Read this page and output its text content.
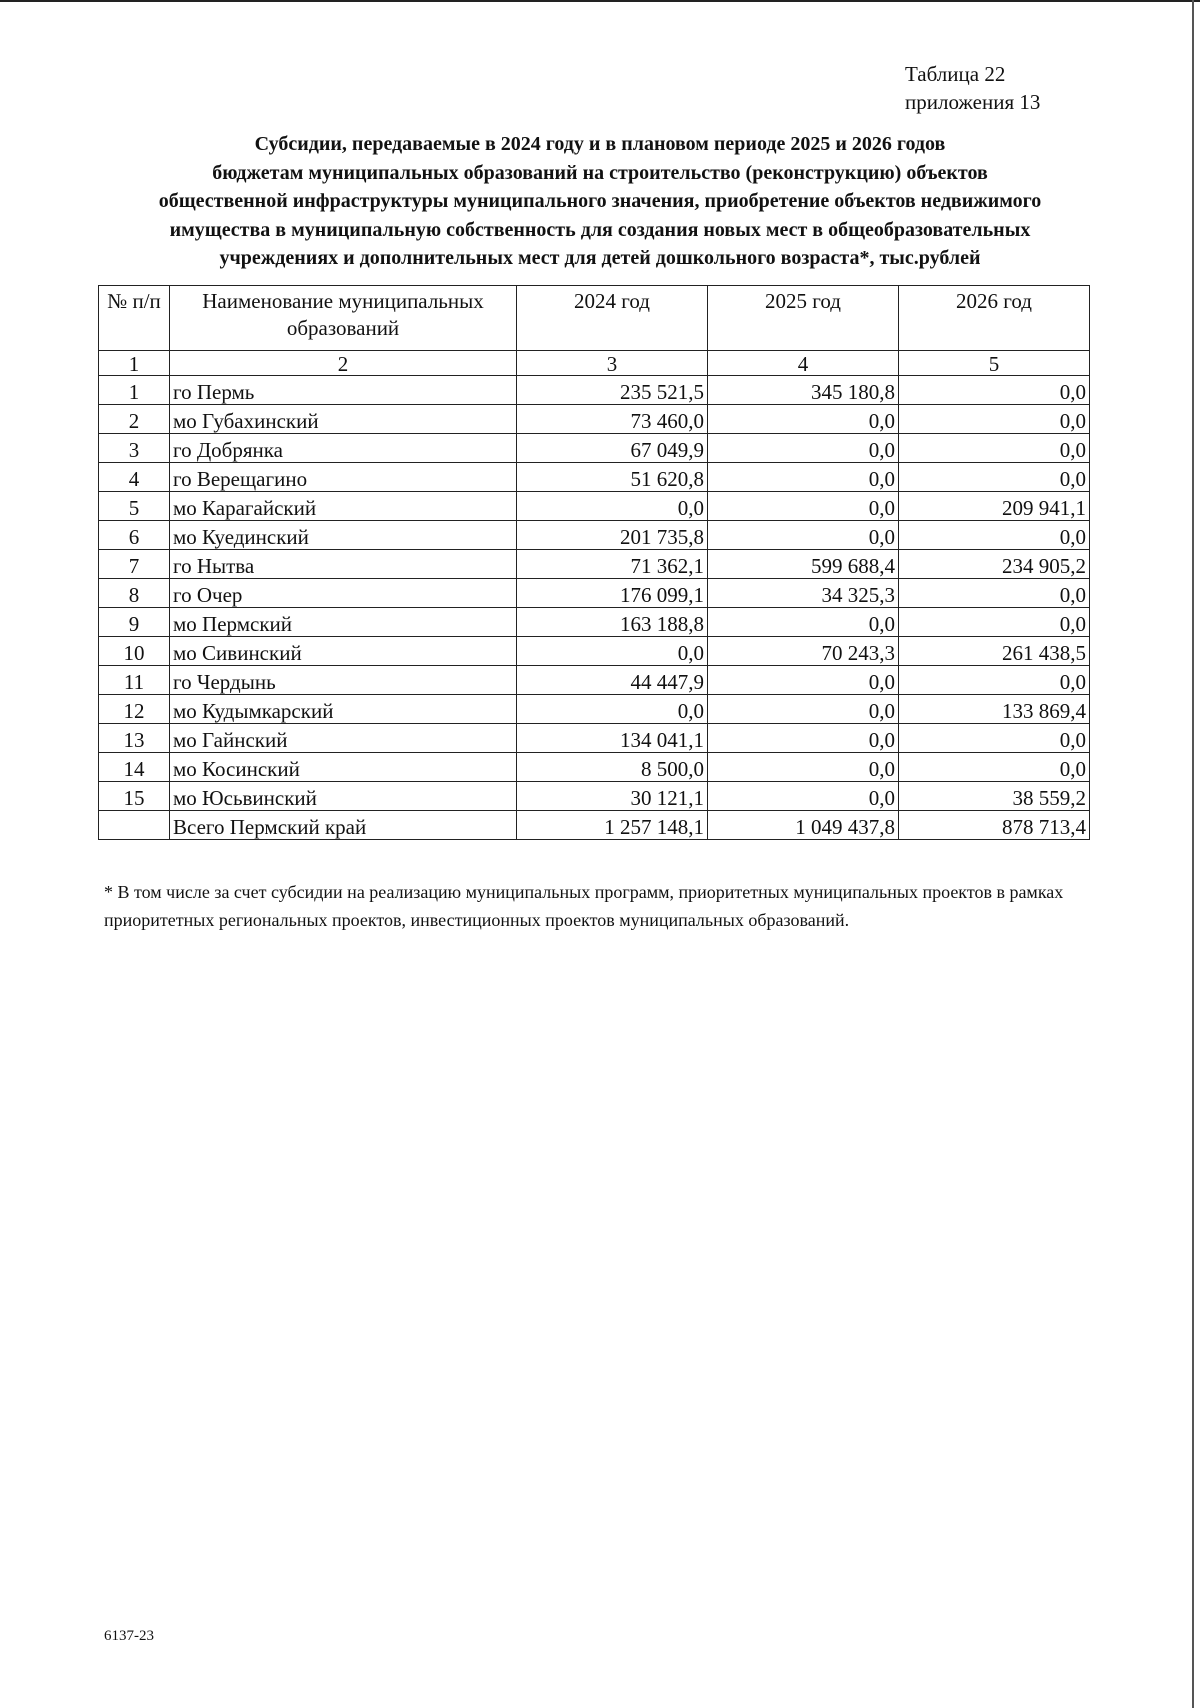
Таблица 22
приложения 13
Субсидии, передаваемые в 2024 году и в плановом периоде 2025 и 2026 годов
бюджетам муниципальных образований на строительство (реконструкцию) объектов
общественной инфраструктуры муниципального значения, приобретение объектов недвижимого
имущества в муниципальную собственность для создания новых мест в общеобразовательных
учреждениях и дополнительных мест для детей дошкольного возраста*, тыс.рублей
№ п/п	Наименование муниципальных образований	2024 год	2025 год	2026 год
1	2	3	4	5
1	го Пермь	235 521,5	345 180,8	0,0
2	мо Губахинский	73 460,0	0,0	0,0
3	го Добрянка	67 049,9	0,0	0,0
4	го Верещагино	51 620,8	0,0	0,0
5	мо Карагайский	0,0	0,0	209 941,1
6	мо Куединский	201 735,8	0,0	0,0
7	го Нытва	71 362,1	599 688,4	234 905,2
8	го Очер	176 099,1	34 325,3	0,0
9	мо Пермский	163 188,8	0,0	0,0
10	мо Сивинский	0,0	70 243,3	261 438,5
11	го Чердынь	44 447,9	0,0	0,0
12	мо Кудымкарский	0,0	0,0	133 869,4
13	мо Гайнский	134 041,1	0,0	0,0
14	мо Косинский	8 500,0	0,0	0,0
15	мо Юсьвинский	30 121,1	0,0	38 559,2
	Всего Пермский край	1 257 148,1	1 049 437,8	878 713,4
* В том числе за счет субсидии на реализацию муниципальных программ, приоритетных муниципальных проектов в рамках приоритетных региональных проектов, инвестиционных проектов муниципальных образований.
6137-23
